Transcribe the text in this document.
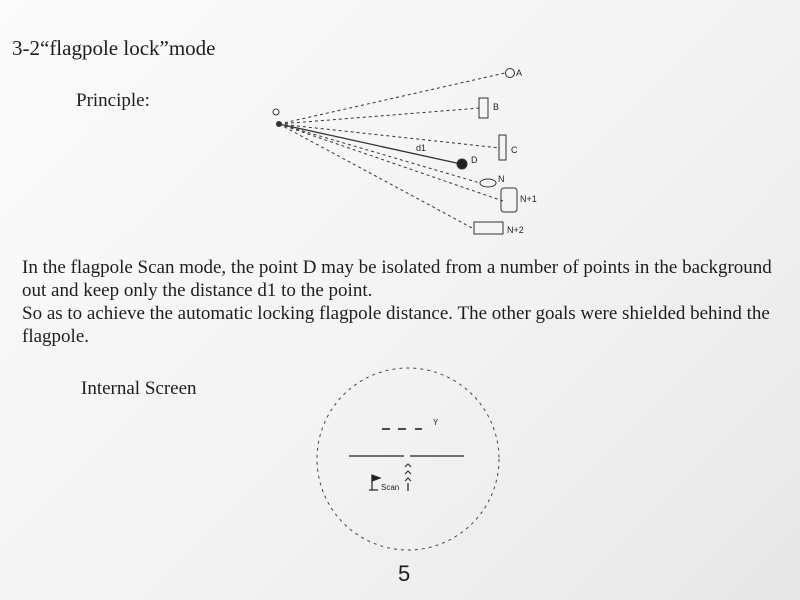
3-2“flagpole lock”mode
Principle:
A
B
C
d1
D
N
N+1
N+2

In the flagpole Scan mode, the point D may be isolated from a number of points in the background out and keep only the distance d1 to the point.

So as to achieve the automatic locking flagpole distance. The other goals were shielded behind the flagpole.

Internal Screen
Y
Scan
5
